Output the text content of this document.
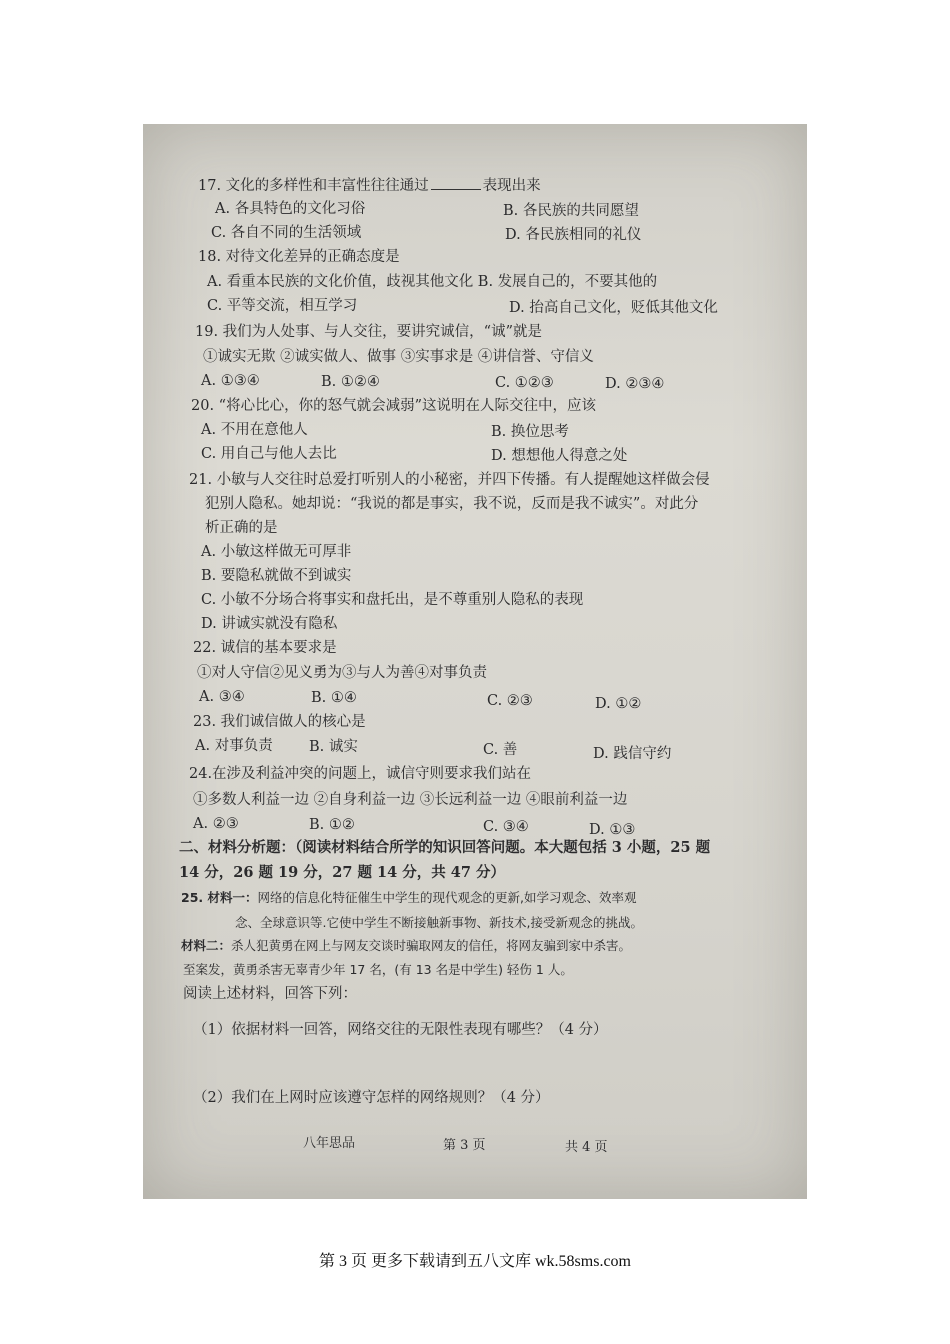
17. 文化的多样性和丰富性往往通过	表现出来
A. 各具特色的文化习俗	B. 各民族的共同愿望
C. 各自不同的生活领域	D. 各民族相同的礼仪
18. 对待文化差异的正确态度是
A. 看重本民族的文化价值，歧视其他文化 B. 发展自己的，不要其他的
C. 平等交流，相互学习	D. 抬高自己文化，贬低其他文化
19. 我们为人处事、与人交往，要讲究诚信，“诚”就是
①诚实无欺 ②诚实做人、做事 ③实事求是 ④讲信誉、守信义
A. ①③④	B. ①②④	C. ①②③	D. ②③④
20. “将心比心，你的怒气就会减弱”这说明在人际交往中，应该
A. 不用在意他人	B. 换位思考
C. 用自己与他人去比	D. 想想他人得意之处
21. 小敏与人交往时总爱打听别人的小秘密，并四下传播。有人提醒她这样做会侵
犯别人隐私。她却说：“我说的都是事实，我不说，反而是我不诚实”。对此分
析正确的是
A. 小敏这样做无可厚非
B. 要隐私就做不到诚实
C. 小敏不分场合将事实和盘托出，是不尊重别人隐私的表现
D. 讲诚实就没有隐私
22. 诚信的基本要求是
①对人守信②见义勇为③与人为善④对事负责
A. ③④	B. ①④	C. ②③	D. ①②
23. 我们诚信做人的核心是
A. 对事负责	B. 诚实	C. 善	D. 践信守约
24.在涉及利益冲突的问题上，诚信守则要求我们站在
①多数人利益一边 ②自身利益一边 ③长远利益一边 ④眼前利益一边
A. ②③	B. ①②	C. ③④	D. ①③
二、材料分析题：（阅读材料结合所学的知识回答问题。本大题包括 3 小题，25 题
14 分，26 题 19 分，27 题 14 分，共 47 分）
25. 材料一：网络的信息化特征催生中学生的现代观念的更新,如学习观念、效率观
念、全球意识等.它使中学生不断接触新事物、新技术,接受新观念的挑战。
材料二：杀人犯黄勇在网上与网友交谈时骗取网友的信任，将网友骗到家中杀害。
至案发，黄勇杀害无辜青少年 17 名，(有 13 名是中学生) 轻伤 1 人。
阅读上述材料，回答下列：
（1）依据材料一回答，网络交往的无限性表现有哪些？（4 分）
（2）我们在上网时应该遵守怎样的网络规则？（4 分）
八年思品	第 3 页	共 4 页
第 3 页 更多下载请到五八文库 wk.58sms.com
